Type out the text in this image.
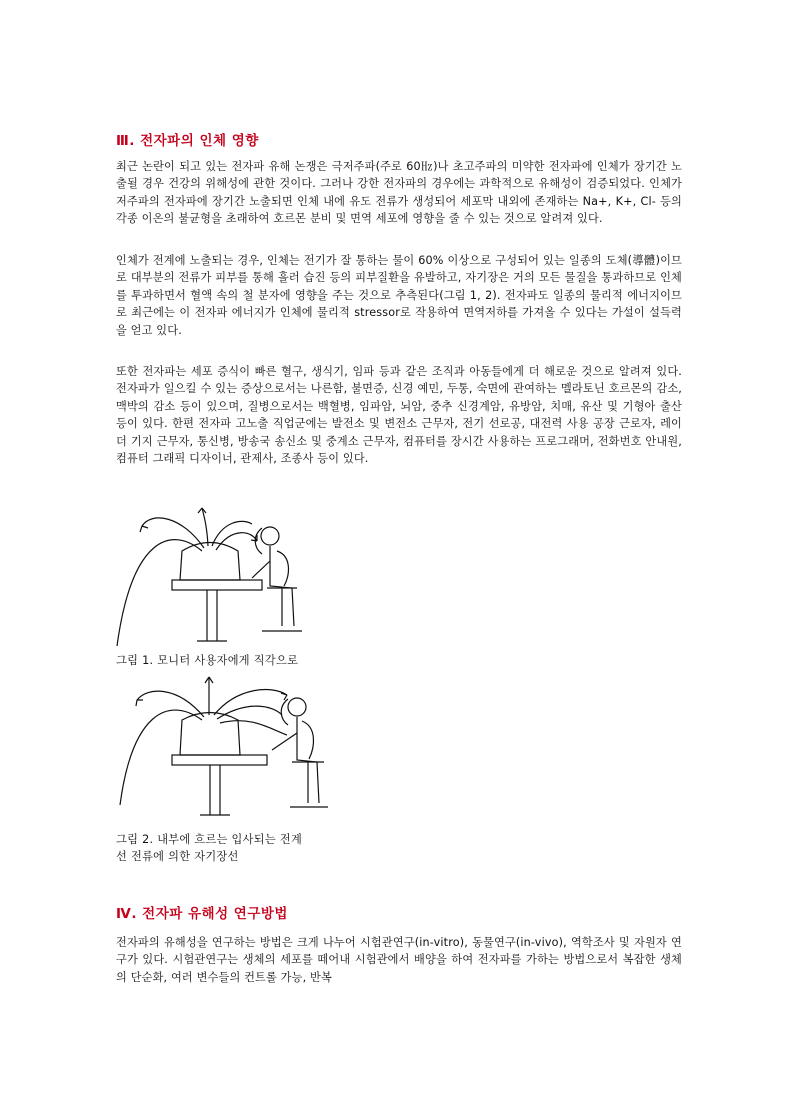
Ⅲ. 전자파의 인체 영향

최근 논란이 되고 있는 전자파 유해 논쟁은 극저주파(주로 60㎐)나 초고주파의 미약한 전자파에 인체가 장기간 노출될 경우 건강의 위해성에 관한 것이다. 그러나 강한 전자파의 경우에는 과학적으로 유해성이 검증되었다. 인체가 저주파의 전자파에 장기간 노출되면 인체 내에 유도 전류가 생성되어 세포막 내외에 존재하는 Na+, K+, Cl- 등의 각종 이온의 불균형을 초래하여 호르몬 분비 및 면역 세포에 영향을 줄 수 있는 것으로 알려져 있다.

인체가 전계에 노출되는 경우, 인체는 전기가 잘 통하는 물이 60% 이상으로 구성되어 있는 일종의 도체(導體)이므로 대부분의 전류가 피부를 통해 흘러 습진 등의 피부질환을 유발하고, 자기장은 거의 모든 물질을 통과하므로 인체를 투과하면서 혈액 속의 철 분자에 영향을 주는 것으로 추측된다(그림 1, 2). 전자파도 일종의 물리적 에너지이므로 최근에는 이 전자파 에너지가 인체에 물리적 stressor로 작용하여 면역저하를 가져올 수 있다는 가설이 설득력을 얻고 있다.

또한 전자파는 세포 증식이 빠른 혈구, 생식기, 임파 등과 같은 조직과 아동들에게 더 해로운 것으로 알려져 있다. 전자파가 일으킬 수 있는 증상으로서는 나른함, 불면증, 신경 예민, 두통, 숙면에 관여하는 멜라토닌 호르몬의 감소, 맥박의 감소 등이 있으며, 질병으로서는 백혈병, 임파암, 뇌암, 중추 신경계암, 유방암, 치매, 유산 및 기형아 출산 등이 있다. 한편 전자파 고노출 직업군에는 발전소 및 변전소 근무자, 전기 선로공, 대전력 사용 공장 근로자, 레이더 기지 근무자, 통신병, 방송국 송신소 및 중계소 근무자, 컴퓨터를 장시간 사용하는 프로그래머, 전화번호 안내원, 컴퓨터 그래픽 디자이너, 관제사, 조종사 등이 있다.

그림 1. 모니터 사용자에게 직각으로

그림 2. 내부에 흐르는 입사되는 전계

선 전류에 의한 자기장선

Ⅳ. 전자파 유해성 연구방법

전자파의 유해성을 연구하는 방법은 크게 나누어 시험관연구(in-vitro), 동물연구(in-vivo), 역학조사 및 자원자 연구가 있다. 시험관연구는 생체의 세포를 떼어내 시험관에서 배양을 하여 전자파를 가하는 방법으로서 복잡한 생체의 단순화, 여러 변수들의 컨트롤 가능, 반복
